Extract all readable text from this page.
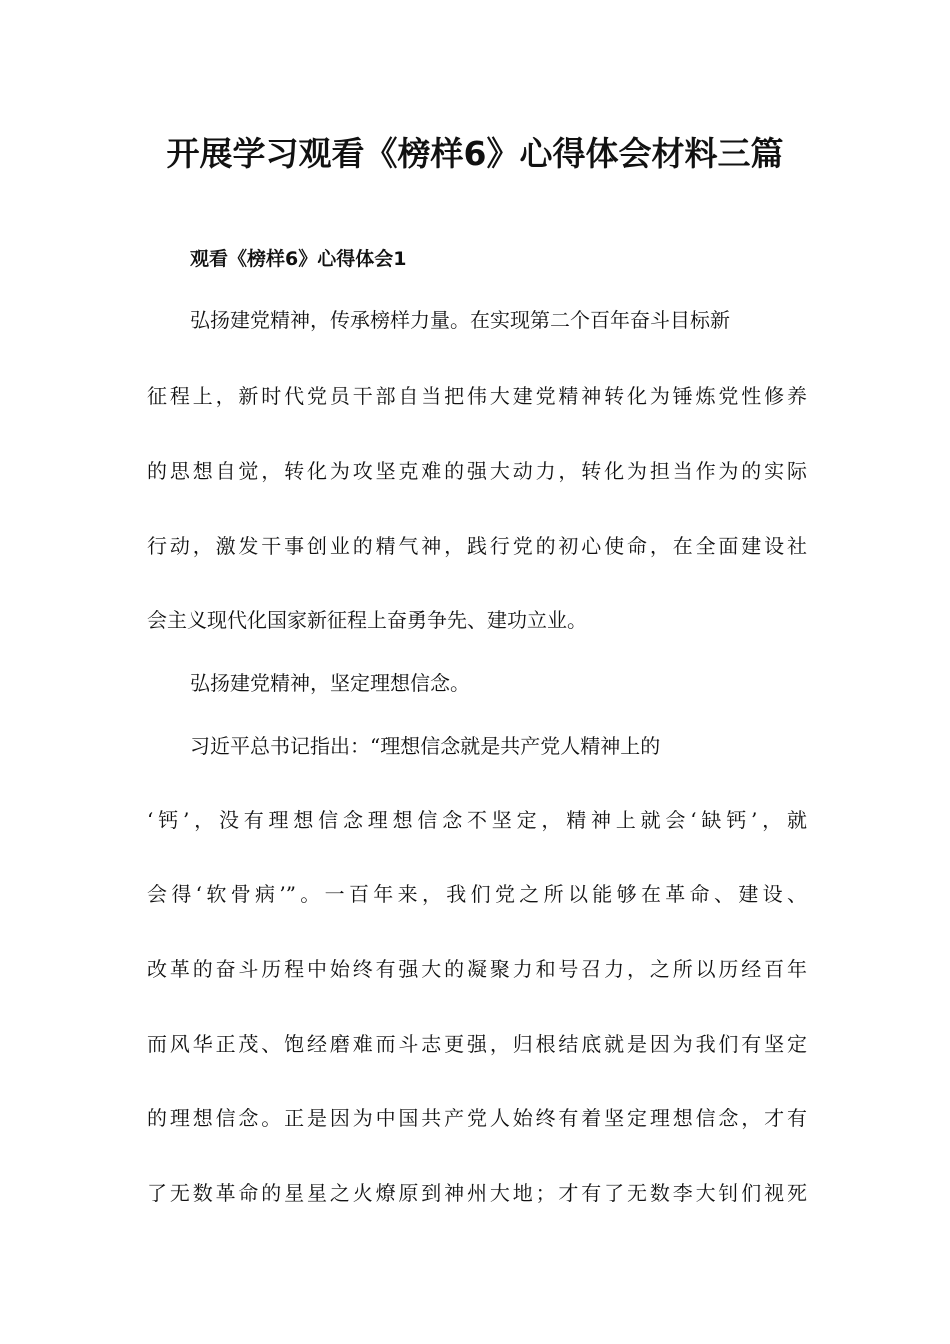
开展学习观看《榜样6》心得体会材料三篇
观看《榜样6》心得体会1
弘扬建党精神，传承榜样力量。在实现第二个百年奋斗目标新
征程上，新时代党员干部自当把伟大建党精神转化为锤炼党性修养
的思想自觉，转化为攻坚克难的强大动力，转化为担当作为的实际
行动，激发干事创业的精气神，践行党的初心使命，在全面建设社
会主义现代化国家新征程上奋勇争先、建功立业。
弘扬建党精神，坚定理想信念。
习近平总书记指出：“理想信念就是共产党人精神上的
‘钙’，没有理想信念理想信念不坚定，精神上就会‘缺钙’，就
会得‘软骨病’”。一百年来，我们党之所以能够在革命、建设、
改革的奋斗历程中始终有强大的凝聚力和号召力，之所以历经百年
而风华正茂、饱经磨难而斗志更强，归根结底就是因为我们有坚定
的理想信念。正是因为中国共产党人始终有着坚定理想信念，才有
了无数革命的星星之火燎原到神州大地；才有了无数李大钊们视死
